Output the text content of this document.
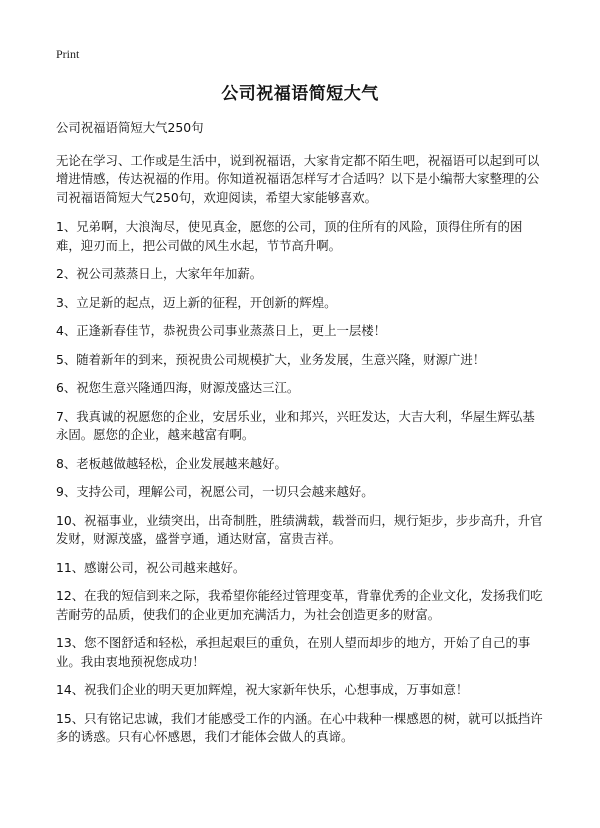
Print
公司祝福语简短大气

公司祝福语简短大气250句

无论在学习、工作或是生活中，说到祝福语，大家肯定都不陌生吧，祝福语可以起到可以增进情感，传达祝福的作用。你知道祝福语怎样写才合适吗？以下是小编帮大家整理的公司祝福语简短大气250句，欢迎阅读，希望大家能够喜欢。

1、兄弟啊，大浪淘尽，使见真金，愿您的公司，顶的住所有的风险，顶得住所有的困难，迎刃而上，把公司做的风生水起，节节高升啊。

2、祝公司蒸蒸日上，大家年年加薪。

3、立足新的起点，迈上新的征程，开创新的辉煌。

4、正逢新春佳节，恭祝贵公司事业蒸蒸日上，更上一层楼！

5、随着新年的到来，预祝贵公司规模扩大，业务发展，生意兴隆，财源广进！

6、祝您生意兴隆通四海，财源茂盛达三江。

7、我真诚的祝愿您的企业，安居乐业，业和邦兴，兴旺发达，大吉大利，华屋生辉弘基永固。愿您的企业，越来越富有啊。

8、老板越做越轻松，企业发展越来越好。

9、支持公司，理解公司，祝愿公司，一切只会越来越好。

10、祝福事业，业绩突出，出奇制胜，胜绩满载，载誉而归，规行矩步，步步高升，升官发财，财源茂盛，盛誉亨通，通达财富，富贵吉祥。

11、感谢公司，祝公司越来越好。

12、在我的短信到来之际，我希望你能经过管理变革，背靠优秀的企业文化，发扬我们吃苦耐劳的品质，使我们的企业更加充满活力，为社会创造更多的财富。

13、您不图舒适和轻松，承担起艰巨的重负，在别人望而却步的地方，开始了自己的事业。我由衷地预祝您成功！

14、祝我们企业的明天更加辉煌，祝大家新年快乐，心想事成，万事如意！

15、只有铭记忠诚，我们才能感受工作的内涵。在心中栽种一棵感恩的树，就可以抵挡许多的诱惑。只有心怀感恩，我们才能体会做人的真谛。
